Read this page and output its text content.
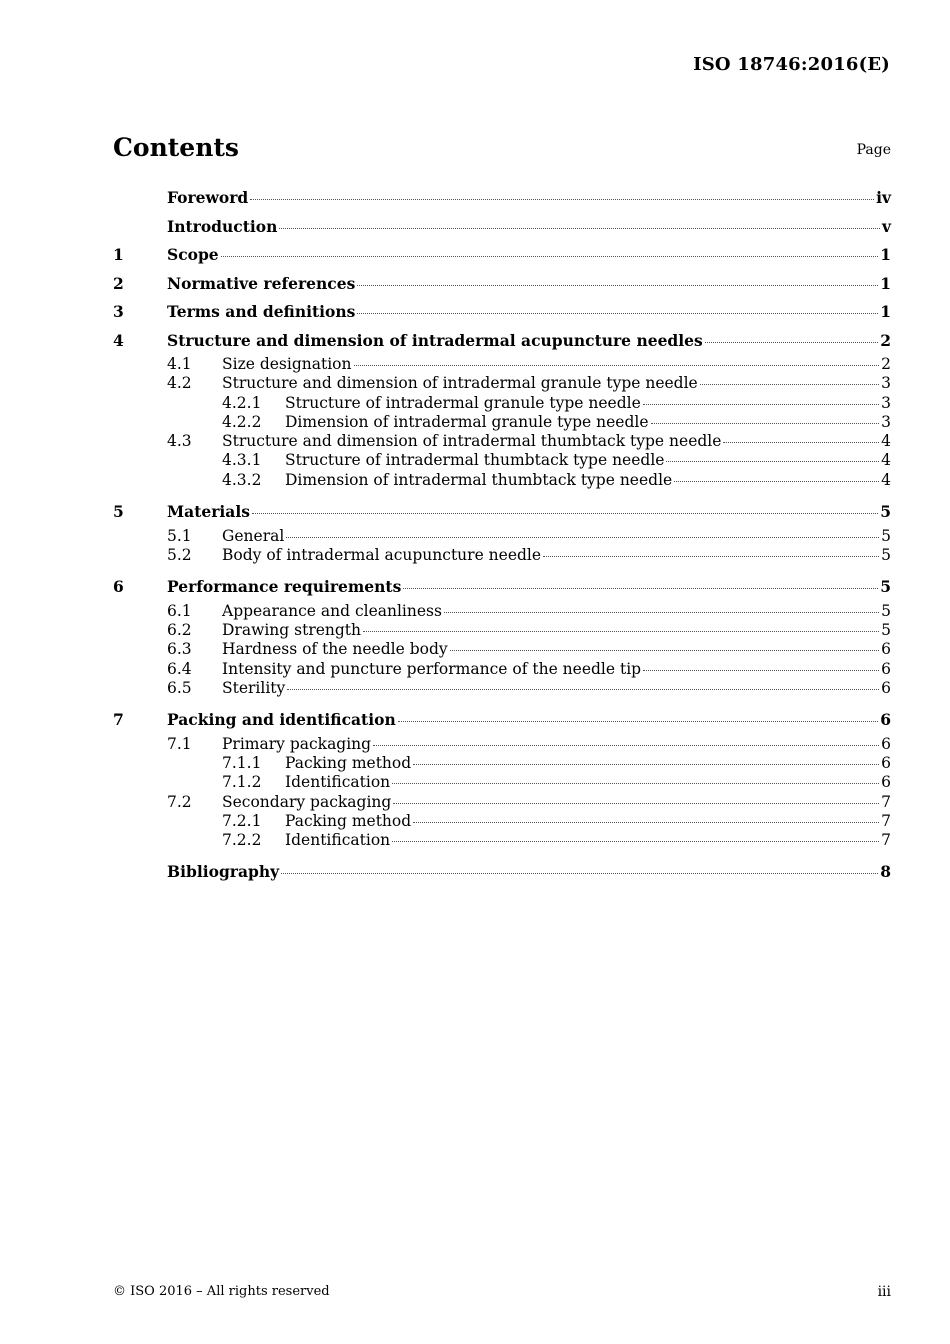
ISO 18746:2016(E)
Contents	Page
Foreword	iv
Introduction	v
1	Scope	1
2	Normative references	1
3	Terms and definitions	1
4	Structure and dimension of intradermal acupuncture needles	2
4.1	Size designation	2
4.2	Structure and dimension of intradermal granule type needle	3
4.2.1	Structure of intradermal granule type needle	3
4.2.2	Dimension of intradermal granule type needle	3
4.3	Structure and dimension of intradermal thumbtack type needle	4
4.3.1	Structure of intradermal thumbtack type needle	4
4.3.2	Dimension of intradermal thumbtack type needle	4
5	Materials	5
5.1	General	5
5.2	Body of intradermal acupuncture needle	5
6	Performance requirements	5
6.1	Appearance and cleanliness	5
6.2	Drawing strength	5
6.3	Hardness of the needle body	6
6.4	Intensity and puncture performance of the needle tip	6
6.5	Sterility	6
7	Packing and identification	6
7.1	Primary packaging	6
7.1.1	Packing method	6
7.1.2	Identification	6
7.2	Secondary packaging	7
7.2.1	Packing method	7
7.2.2	Identification	7
Bibliography	8
© ISO 2016 – All rights reserved	iii
